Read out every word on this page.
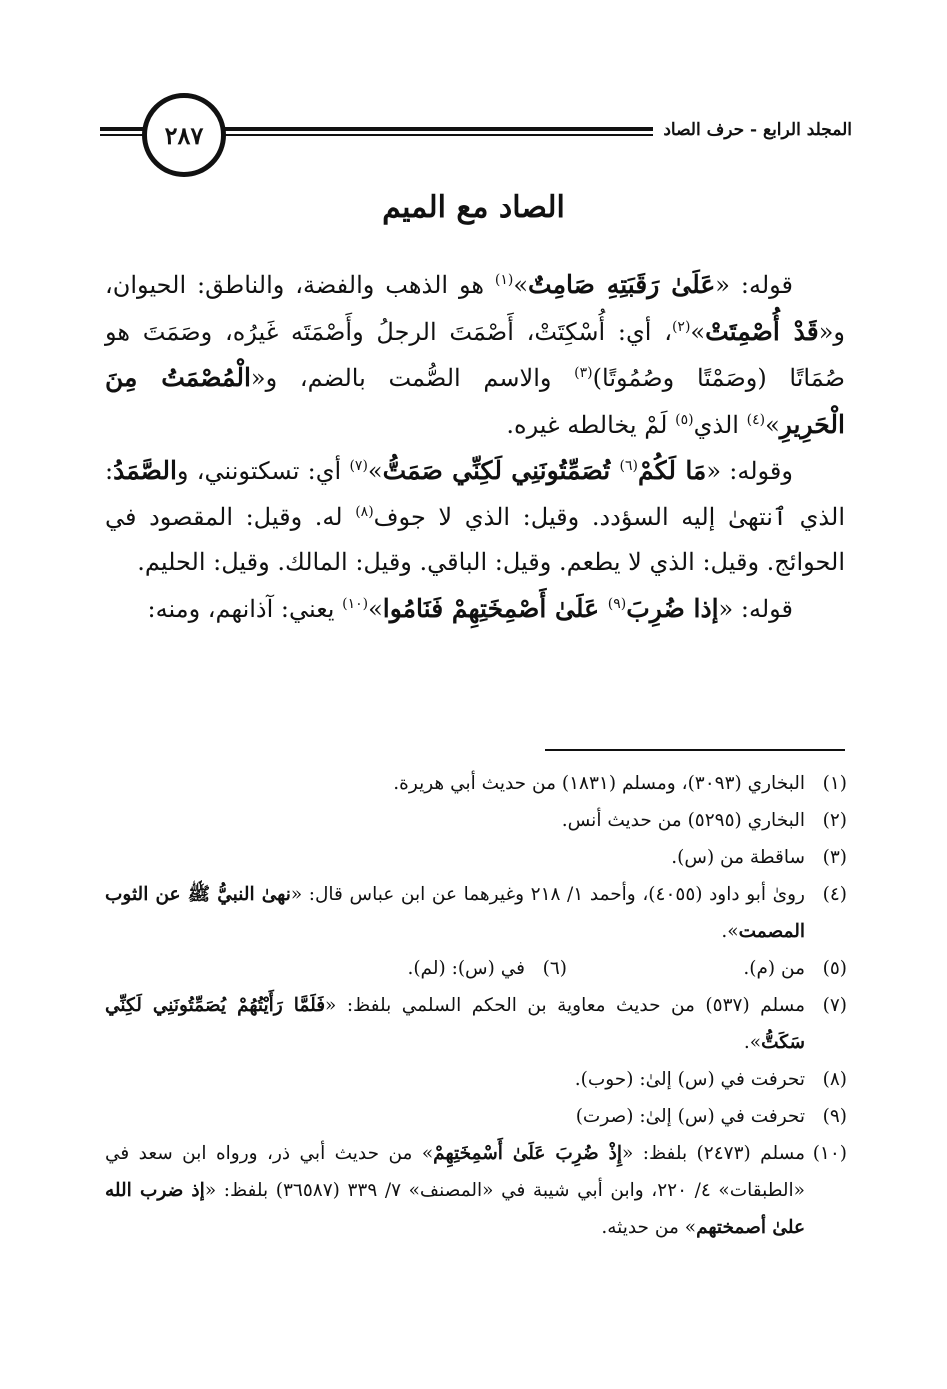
المجلد الرابع - حرف الصاد
٢٨٧
الصاد مع الميم

قوله: «عَلَىٰ رَقَبَتِهِ صَامِتٌ»$^{(١)}$ هو الذهب والفضة، والناطق: الحيوان، و«قَدْ أُصْمِتَتْ»$^{(٢)}$، أي: أُسْكِتَتْ، أَصْمَتَ الرجلُ وأَصْمَتَه غَيرُه، وصَمَتَ هو صُمَاتًا (وصَمْتًا وصُمُوتًا)$^{(٣)}$ والاسم الصُّمت بالضم، و«الْمُصْمَتُ مِنَ الْحَرِيرِ»$^{(٤)}$ الذي$^{(٥)}$ لَمْ يخالطه غيره.

وقوله: «مَا لَكُمْ$^{(٦)}$ تُصَمِّتُونَنِي لَكِنِّي صَمَتُّ»$^{(٧)}$ أي: تسكتونني، والصَّمَدُ: الذي ٱنتهىٰ إليه السؤدد. وقيل: الذي لا جوف$^{(٨)}$ له. وقيل: المقصود في الحوائج. وقيل: الذي لا يطعم. وقيل: الباقي. وقيل: المالك. وقيل: الحليم.

قوله: «إذا ضُرِبَ$^{(٩)}$ عَلَىٰ أَصْمِخَتِهِمْ فَنَامُوا»$^{(١٠)}$ يعني: آذانهم، ومنه:

(١)
البخاري (٣٠٩٣)، ومسلم (١٨٣١) من حديث أبي هريرة.
(٢)
البخاري (٥٢٩٥) من حديث أنس.
(٣)
ساقطة من (س).
(٤)
رویٰ أبو داود (٤٠٥٥)، وأحمد ١/ ٢١٨ وغيرهما عن ابن عباس قال: «نهىٰ النبيُّ ﷺ عن الثوب المصمت».
(٥)
من (م).
(٦)
في (س): (لم).
(٧)
مسلم (٥٣٧) من حديث معاوية بن الحكم السلمي بلفظ: «فَلَمَّا رَأَيْتُهُمْ يُصَمِّتُونَنِي لَكِنِّي سَكَتُّ».
(٨)
تحرفت في (س) إلىٰ: (حوب).
(٩)
تحرفت في (س) إلىٰ: (صرت)
(١٠)
مسلم (٢٤٧٣) بلفظ: «إِذْ ضُرِبَ عَلَىٰ أَسْمِخَتِهِمْ» من حديث أبي ذر، ورواه ابن سعد في «الطبقات» ٤/ ٢٢٠، وابن أبي شيبة في «المصنف» ٧/ ٣٣٩ (٣٦٥٨٧) بلفظ: «إذ ضرب الله علىٰ أصمختهم» من حديثه.
